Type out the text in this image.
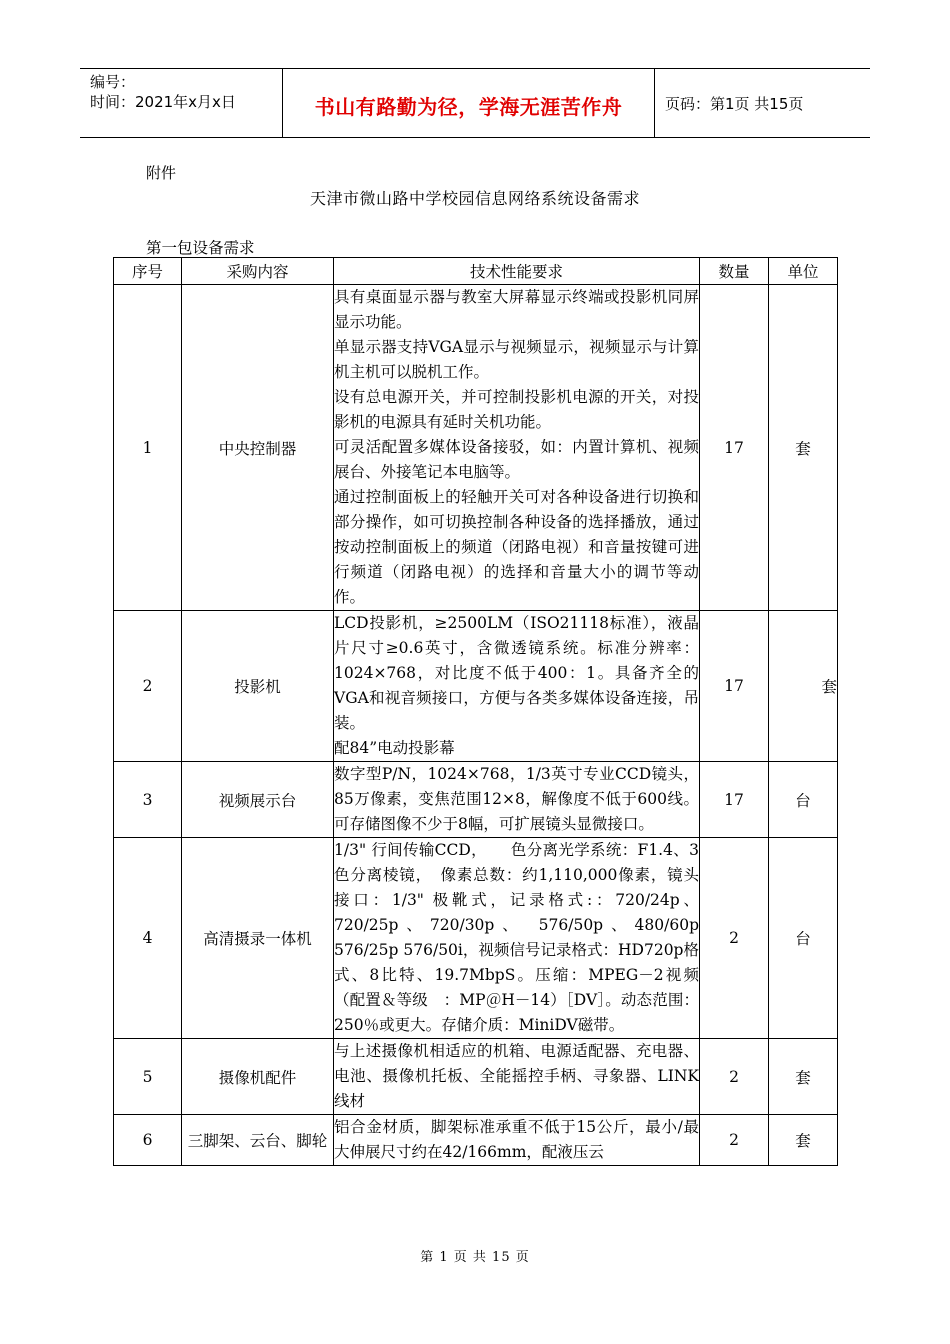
编号：
时间：2021年x月x日	书山有路勤为径，学海无涯苦作舟	页码：第1页 共15页
附件
天津市微山路中学校园信息网络系统设备需求
第一包设备需求
序号	采购内容	技术性能要求	数量	单位
1	中央控制器	具有桌面显示器与教室大屏幕显示终端或投影机同屏显示功能。

单显示器支持VGA显示与视频显示，视频显示与计算机主机可以脱机工作。

设有总电源开关，并可控制投影机电源的开关，对投影机的电源具有延时关机功能。

可灵活配置多媒体设备接驳，如：内置计算机、视频展台、外接笔记本电脑等。

通过控制面板上的轻触开关可对各种设备进行切换和部分操作，如可切换控制各种设备的选择播放，通过按动控制面板上的频道（闭路电视）和音量按键可进行频道（闭路电视）的选择和音量大小的调节等动作。	17	套
2	投影机	LCD投影机，≥2500LM（ISO21118标准），液晶片尺寸≥0.6英寸，含微透镜系统。标准分辨率：1024×768，对比度不低于400：1。具备齐全的VGA和视音频接口，方便与各类多媒体设备连接，吊装。

配84”电动投影幕	17	套
3	视频展示台	数字型P/N，1024×768，1/3英寸专业CCD镜头，85万像素，变焦范围12×8，解像度不低于600线。可存储图像不少于8幅，可扩展镜头显微接口。	17	台
4	高清摄录一体机	1/3" 行间传输CCD，　　色分离光学系统：F1.4、3色分离棱镜，　像素总数：约1,110,000像素，镜头接口：1/3" 极靴式，记录格式:：720/24p、720/25p、720/30p、 576/50p、480/60p 576/25p 576/50i，视频信号记录格式：HD720p格式、8比特、19.7MbpS。压缩：MPEG－2视频（配置＆等级　：MP＠H－14）［DV］。动态范围：250％或更大。存储介质：MiniDV磁带。	2	台
5	摄像机配件	与上述摄像机相适应的机箱、电源适配器、充电器、电池、摄像机托板、全能摇控手柄、寻象器、LINK线材	2	套
6	三脚架、云台、脚轮	铝合金材质，脚架标准承重不低于15公斤，最小/最大伸展尺寸约在42/166mm，配液压云	2	套
第 1 页 共 15 页
